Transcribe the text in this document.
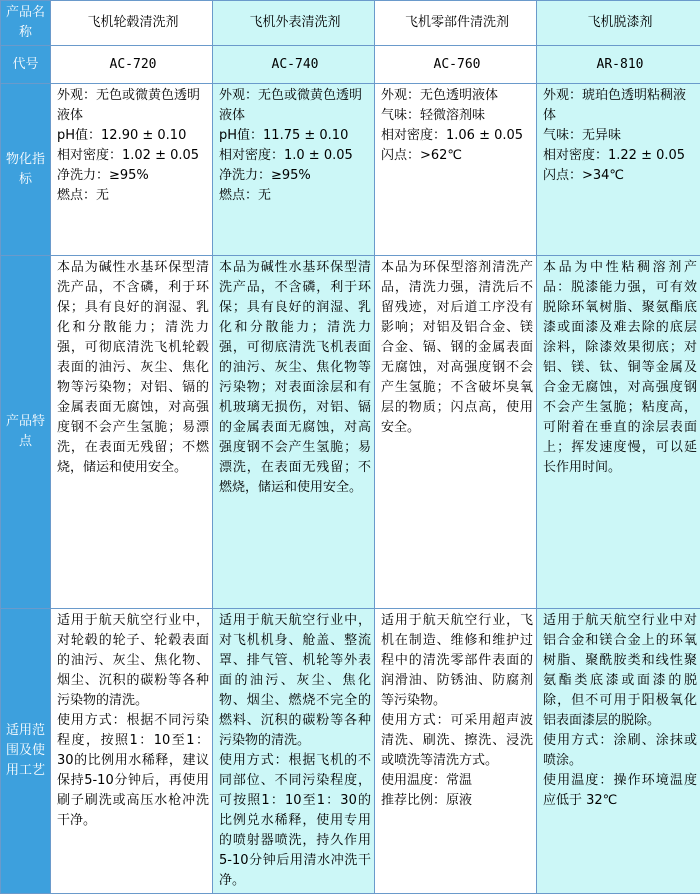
产品名称	飞机轮毂清洗剂	飞机外表清洗剂	飞机零部件清洗剂	飞机脱漆剂
代号	AC-720	AC-740	AC-760	AR-810
物化指标	外观：无色或微黄色透明液体
pH值：12.90 ± 0.10
相对密度：1.02 ± 0.05
净洗力：≥95%
燃点：无	外观：无色或微黄色透明液体
pH值：11.75 ± 0.10
相对密度：1.0 ± 0.05
净洗力：≥95%
燃点：无	外观：无色透明液体
气味：轻微溶剂味
相对密度：1.06 ± 0.05
闪点：>62℃	外观：琥珀色透明粘稠液体
气味：无异味
相对密度：1.22 ± 0.05
闪点：>34℃

产品特点	本品为碱性水基环保型清洗产品，不含磷，利于环保；具有良好的润湿、乳化和分散能力；清洗力强，可彻底清洗飞机轮毂表面的油污、灰尘、焦化物等污染物；对铝、镉的金属表面无腐蚀，对高强度钢不会产生氢脆；易漂洗，在表面无残留；不燃烧，储运和使用安全。	本品为碱性水基环保型清洗产品，不含磷，利于环保；具有良好的润湿、乳化和分散能力；清洗力强，可彻底清洗飞机表面的油污、灰尘、焦化物等污染物；对表面涂层和有机玻璃无损伤，对铝、镉的金属表面无腐蚀，对高强度钢不会产生氢脆；易漂洗，在表面无残留；不燃烧，储运和使用安全。	本品为环保型溶剂清洗产品，清洗力强，清洗后不留残迹，对后道工序没有影响；对铝及铝合金、镁合金、镉、钢的金属表面无腐蚀，对高强度钢不会产生氢脆；不含破坏臭氧层的物质；闪点高，使用安全。	本品为中性粘稠溶剂产品：脱漆能力强，可有效脱除环氧树脂、聚氨酯底漆或面漆及难去除的底层涂料，除漆效果彻底；对铝、镁、钛、铜等金属及合金无腐蚀，对高强度钢不会产生氢脆；粘度高，可附着在垂直的涂层表面上；挥发速度慢，可以延长作用时间。

适用范围及使用工艺	适用于航天航空行业中，对轮毂的轮子、轮毂表面的油污、灰尘、焦化物、烟尘、沉积的碳粉等各种污染物的清洗。
使用方式：根据不同污染程度，按照1：10至1：30的比例用水稀释，建议保持5-10分钟后，再使用刷子刷洗或高压水枪冲洗干净。	适用于航天航空行业中，对飞机机身、舱盖、整流罩、排气管、机轮等外表面的油污、灰尘、焦化物、烟尘、燃烧不完全的燃料、沉积的碳粉等各种污染物的清洗。
使用方式：根据飞机的不同部位、不同污染程度，可按照1：10至1：30的比例兑水稀释，使用专用的喷射器喷洗，持久作用5-10分钟后用清水冲洗干净。	适用于航天航空行业，飞机在制造、维修和维护过程中的清洗零部件表面的润滑油、防锈油、防腐剂等污染物。
使用方式：可采用超声波清洗、刷洗、擦洗、浸洗或喷洗等清洗方式。
使用温度：常温
推荐比例：原液	适用于航天航空行业中对铝合金和镁合金上的环氧树脂、聚酰胺类和线性聚氨酯类底漆或面漆的脱除，但不可用于阳极氧化铝表面漆层的脱除。
使用方式：涂刷、涂抹或喷涂。
使用温度：操作环境温度应低于 32℃
